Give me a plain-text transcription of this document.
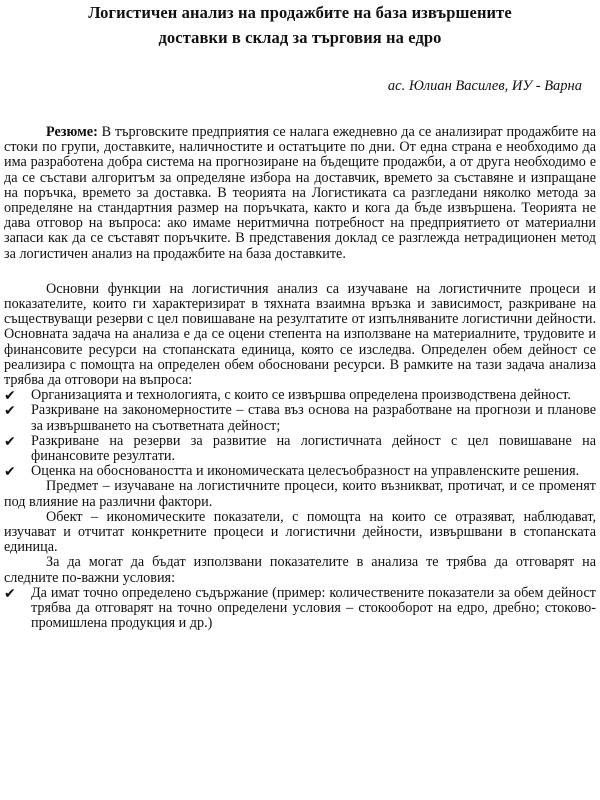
Логистичен анализ на продажбите на база извършените
доставки в склад за търговия на едро
ас. Юлиан Василев, ИУ - Варна

Резюме: В търговските предприятия се налага ежедневно да се анализират продажбите на стоки по групи, доставките, наличностите и остатъците по дни. От една страна е необходимо да има разработена добра система на прогнозиране на бъдещите продажби, а от друга необходимо е да се състави алгоритъм за определяне избора на доставчик, времето за съставяне и изпращане на поръчка, времето за доставка. В теорията на Логистиката са разгледани няколко метода за определяне на стандартния размер на поръчката, както и кога да бъде извършена. Теорията не дава отговор на въпроса: ако имаме неритмична потребност на предприятието от материални запаси как да се съставят поръчките. В представения доклад се разглежда нетрадиционен метод за логистичен анализ на продажбите на база доставките.

Основни функции на логистичния анализ са изучаване на логистичните процеси и показателите, които ги характеризират в тяхната взаимна връзка и зависимост, разкриване на съществуващи резерви с цел повишаване на резултатите от изпълняваните логистични дейности. Основната задача на анализа е да се оцени степента на използване на материалните, трудовите и финансовите ресурси на стопанската единица, която се изследва. Определен обем дейност се реализира с помощта на определен обем обосновани ресурси. В рамките на тази задача анализа трябва да отговори на въпроса:

✔ Организацията и технологията, с които се извършва определена производствена дейност.
✔ Разкриване на закономерностите – става въз основа на разработване на прогнози и планове за извършването на съответната дейност;
✔ Разкриване на резерви за развитие на логистичната дейност с цел повишаване на финансовите резултати.
✔ Оценка на обосноваността и икономическата целесъобразност на управленските решения.

Предмет – изучаване на логистичните процеси, които възникват, протичат, и се променят под влияние на различни фактори.

Обект – икономическите показатели, с помощта на които се отразяват, наблюдават, изучават и отчитат конкретните процеси и логистични дейности, извършвани в стопанската единица.

За да могат да бъдат използвани показателите в анализа те трябва да отговарят на следните по-важни условия:

✔ Да имат точно определено съдържание (пример: количествените показатели за обем дейност трябва да отговарят на точно определени условия – стокооборот на едро, дребно; стоково-промишлена продукция и др.)
